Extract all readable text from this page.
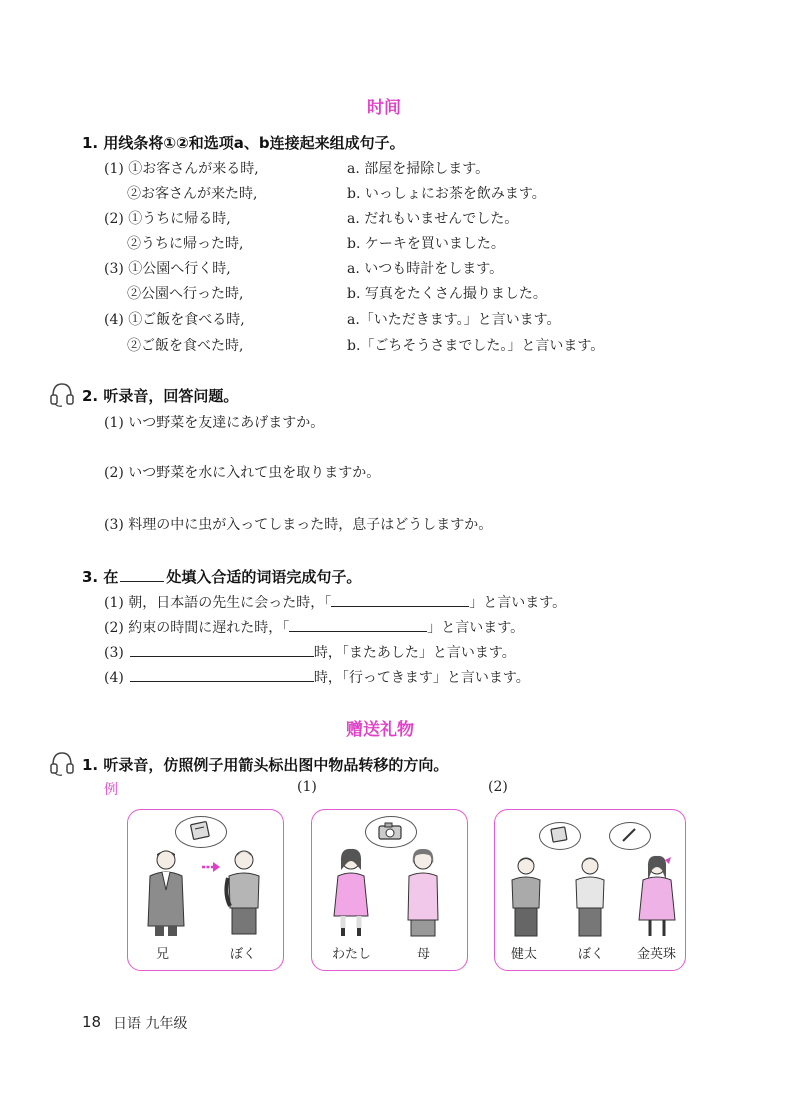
时间
1. 用线条将①②和选项a、b连接起来组成句子。
(1) ①お客さんが来る時,	a. 部屋を掃除します。
②お客さんが来た時,	b. いっしょにお茶を飲みます。
(2) ①うちに帰る時,	a. だれもいませんでした。
②うちに帰った時,	b. ケーキを買いました。
(3) ①公園へ行く時,	a. いつも時計をします。
②公園へ行った時,	b. 写真をたくさん撮りました。
(4) ①ご飯を食べる時,	a.「いただきます。」と言います。
②ご飯を食べた時,	b.「ごちそうさまでした。」と言います。
2. 听录音，回答问题。
(1) いつ野菜を友達にあげますか。
(2) いつ野菜を水に入れて虫を取りますか。
(3) 料理の中に虫が入ってしまった時，息子はどうしますか。
3. 在	处填入合适的词语完成句子。
(1) 朝，日本語の先生に会った時，「	」と言います。
(2) 約束の時間に遅れた時，「	」と言います。
(3)	時，「またあした」と言います。
(4)	時，「行ってきます」と言います。
赠送礼物
1. 听录音，仿照例子用箭头标出图中物品转移的方向。
例	(1)	(2)
兄	ぼく	わたし	母	健太	ぼく	金英珠
18 日语 九年级
